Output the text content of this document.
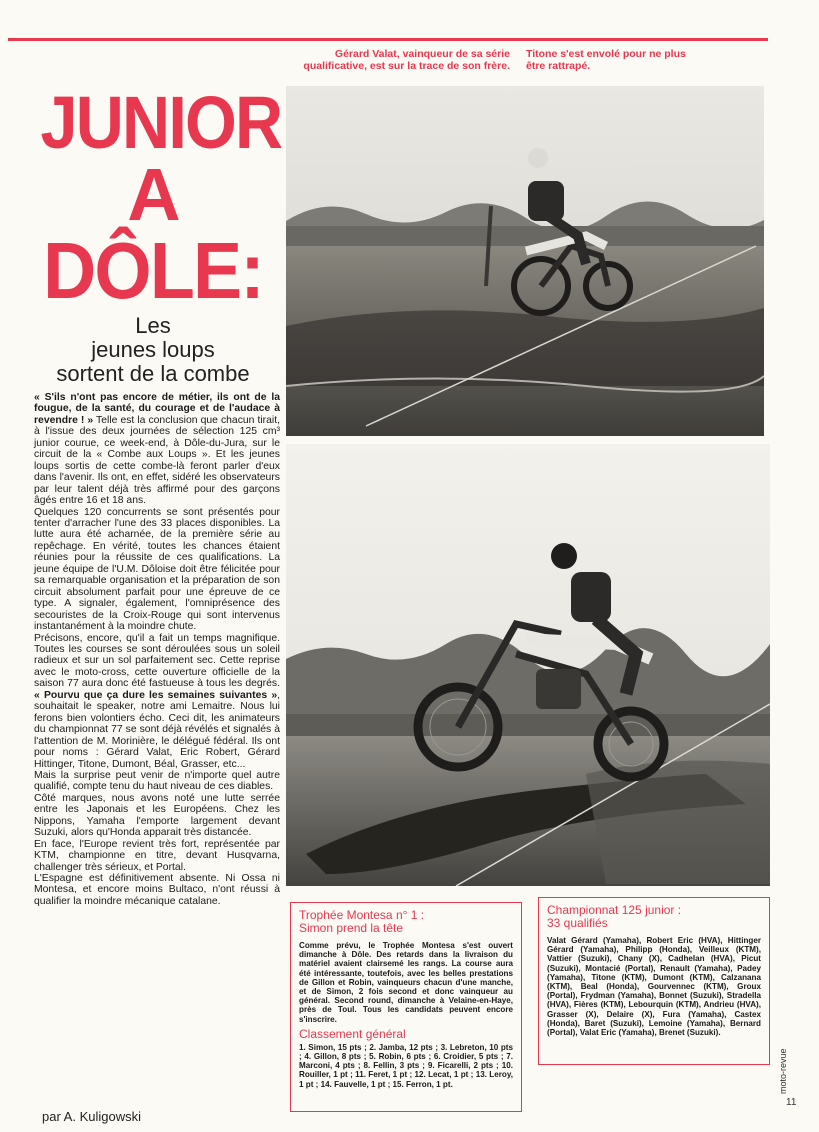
Gérard Valat, vainqueur de sa série qualificative, est sur la trace de son frère.
Titone s'est envolé pour ne plus être rattrapé.
JUNIOR
A
DÔLE:
Les
jeunes loups
sortent de la combe

« S'ils n'ont pas encore de métier, ils ont de la fougue, de la santé, du courage et de l'audace à revendre ! » Telle est la conclusion que chacun tirait, à l'issue des deux journées de sélection 125 cm³ junior courue, ce week-end, à Dôle-du-Jura, sur le circuit de la « Combe aux Loups ». Et les jeunes loups sortis de cette combe-là feront parler d'eux dans l'avenir. Ils ont, en effet, sidéré les observateurs par leur talent déjà très affirmé pour des garçons âgés entre 16 et 18 ans.

Quelques 120 concurrents se sont présentés pour tenter d'arracher l'une des 33 places disponibles. La lutte aura été acharnée, de la première série au repêchage. En vérité, toutes les chances étaient réunies pour la réussite de ces qualifications. La jeune équipe de l'U.M. Dôloise doit être félicitée pour sa remarquable organisation et la préparation de son circuit absolument parfait pour une épreuve de ce type. A signaler, également, l'omniprésence des secouristes de la Croix-Rouge qui sont intervenus instantanément à la moindre chute.

Précisons, encore, qu'il a fait un temps magnifique. Toutes les courses se sont déroulées sous un soleil radieux et sur un sol parfaitement sec. Cette reprise avec le moto-cross, cette ouverture officielle de la saison 77 aura donc été fastueuse à tous les degrés. « Pourvu que ça dure les semaines suivantes », souhaitait le speaker, notre ami Lemaitre. Nous lui ferons bien volontiers écho. Ceci dit, les animateurs du championnat 77 se sont déjà révélés et signalés à l'attention de M. Morinière, le délégué fédéral. Ils ont pour noms : Gérard Valat, Eric Robert, Gérard Hittinger, Titone, Dumont, Béal, Grasser, etc...

Mais la surprise peut venir de n'importe quel autre qualifié, compte tenu du haut niveau de ces diables.

Côté marques, nous avons noté une lutte serrée entre les Japonais et les Européens. Chez les Nippons, Yamaha l'emporte largement devant Suzuki, alors qu'Honda apparait très distancée.

En face, l'Europe revient très fort, représentée par KTM, championne en titre, devant Husqvarna, challenger très sérieux, et Portal.

L'Espagne est définitivement absente. Ni Ossa ni Montesa, et encore moins Bultaco, n'ont réussi à qualifier la moindre mécanique catalane.

par A. Kuligowski
Trophée Montesa n° 1 :
Simon prend la tête

Comme prévu, le Trophée Montesa s'est ouvert dimanche à Dôle. Des retards dans la livraison du matériel avaient clairsemé les rangs. La course aura été intéressante, toutefois, avec les belles prestations de Gillon et Robin, vainqueurs chacun d'une manche, et de Simon, 2 fois second et donc vainqueur au général. Second round, dimanche à Velaine-en-Haye, près de Toul. Tous les candidats peuvent encore s'inscrire.

Classement général
1. Simon, 15 pts ; 2. Jamba, 12 pts ; 3. Lebreton, 10 pts ; 4. Gillon, 8 pts ; 5. Robin, 6 pts ; 6. Croidier, 5 pts ; 7. Marconi, 4 pts ; 8. Fellin, 3 pts ; 9. Ficarelli, 2 pts ; 10. Rouiller, 1 pt ; 11. Feret, 1 pt ; 12. Lecat, 1 pt ; 13. Leroy, 1 pt ; 14. Fauvelle, 1 pt ; 15. Ferron, 1 pt.
Championnat 125 junior :
33 qualifiés

Valat Gérard (Yamaha), Robert Eric (HVA), Hittinger Gérard (Yamaha), Philipp (Honda), Veilleux (KTM), Vattier (Suzuki), Chany (X), Cadhelan (HVA), Picut (Suzuki), Montacié (Portal), Renault (Yamaha), Padey (Yamaha), Titone (KTM), Dumont (KTM), Calzanana (KTM), Beal (Honda), Gourvennec (KTM), Groux (Portal), Frydman (Yamaha), Bonnet (Suzuki), Stradella (HVA), Fières (KTM), Lebourquin (KTM), Andrieu (HVA), Grasser (X), Delaire (X), Fura (Yamaha), Castex (Honda), Baret (Suzuki), Lemoine (Yamaha), Bernard (Portal), Valat Eric (Yamaha), Brenet (Suzuki).

moto-revue
11
